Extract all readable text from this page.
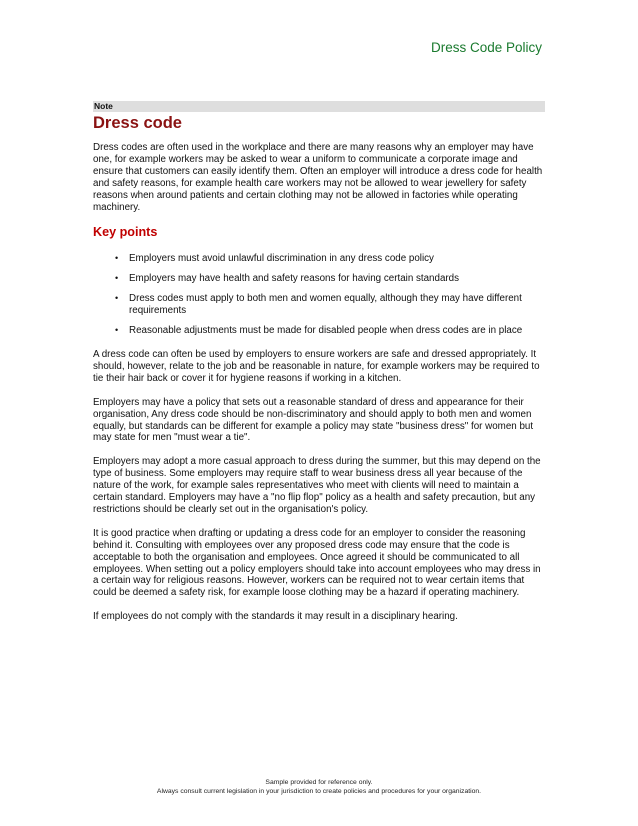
Dress Code Policy
Note
Dress code

Dress codes are often used in the workplace and there are many reasons why an employer may have one, for example workers may be asked to wear a uniform to communicate a corporate image and ensure that customers can easily identify them. Often an employer will introduce a dress code for health and safety reasons, for example health care workers may not be allowed to wear jewellery for safety reasons when around patients and certain clothing may not be allowed in factories while operating machinery.

Key points
• Employers must avoid unlawful discrimination in any dress code policy
• Employers may have health and safety reasons for having certain standards
• Dress codes must apply to both men and women equally, although they may have different requirements
• Reasonable adjustments must be made for disabled people when dress codes are in place

A dress code can often be used by employers to ensure workers are safe and dressed appropriately. It should, however, relate to the job and be reasonable in nature, for example workers may be required to tie their hair back or cover it for hygiene reasons if working in a kitchen.

Employers may have a policy that sets out a reasonable standard of dress and appearance for their organisation, Any dress code should be non-discriminatory and should apply to both men and women equally, but standards can be different for example a policy may state "business dress" for women but may state for men "must wear a tie".

Employers may adopt a more casual approach to dress during the summer, but this may depend on the type of business. Some employers may require staff to wear business dress all year because of the nature of the work, for example sales representatives who meet with clients will need to maintain a certain standard. Employers may have a "no flip flop" policy as a health and safety precaution, but any restrictions should be clearly set out in the organisation's policy.

It is good practice when drafting or updating a dress code for an employer to consider the reasoning behind it. Consulting with employees over any proposed dress code may ensure that the code is acceptable to both the organisation and employees. Once agreed it should be communicated to all employees. When setting out a policy employers should take into account employees who may dress in a certain way for religious reasons. However, workers can be required not to wear certain items that could be deemed a safety risk, for example loose clothing may be a hazard if operating machinery.

If employees do not comply with the standards it may result in a disciplinary hearing.

Sample provided for reference only.
Always consult current legislation in your jurisdiction to create policies and procedures for your organization.
